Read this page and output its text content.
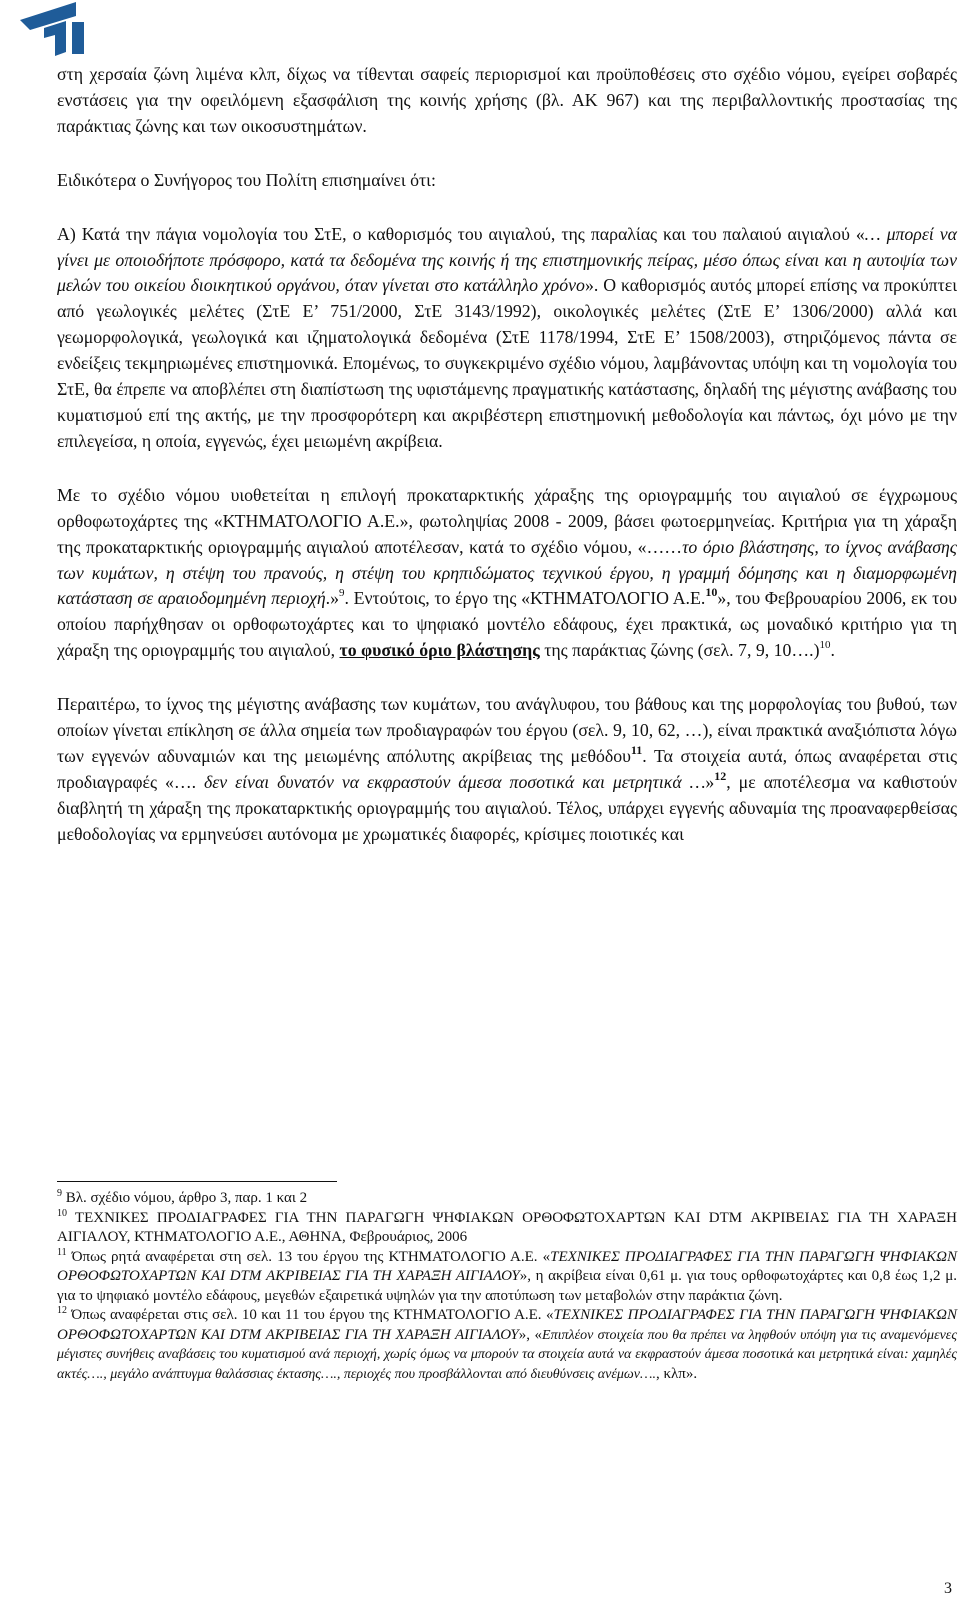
στη χερσαία ζώνη λιμένα κλπ, δίχως να τίθενται σαφείς περιορισμοί και προϋποθέσεις στο σχέδιο νόμου, εγείρει σοβαρές ενστάσεις για την οφειλόμενη εξασφάλιση της κοινής χρήσης (βλ. ΑΚ 967) και της περιβαλλοντικής προστασίας της παράκτιας ζώνης και των οικοσυστημάτων.

Ειδικότερα ο Συνήγορος του Πολίτη επισημαίνει ότι:

Α) Κατά την πάγια νομολογία του ΣτΕ, ο καθορισμός του αιγιαλού, της παραλίας και του παλαιού αιγιαλού «… μπορεί να γίνει με οποιοδήποτε πρόσφορο, κατά τα δεδομένα της κοινής ή της επιστημονικής πείρας, μέσο όπως είναι και η αυτοψία των μελών του οικείου διοικητικού οργάνου, όταν γίνεται στο κατάλληλο χρόνο». Ο καθορισμός αυτός μπορεί επίσης να προκύπτει από γεωλογικές μελέτες (ΣτΕ Ε’ 751/2000, ΣτΕ 3143/1992), οικολογικές μελέτες (ΣτΕ Ε’ 1306/2000) αλλά και γεωμορφολογικά, γεωλογικά και ιζηματολογικά δεδομένα (ΣτΕ 1178/1994, ΣτΕ Ε’ 1508/2003), στηριζόμενος πάντα σε ενδείξεις τεκμηριωμένες επιστημονικά. Επομένως, το συγκεκριμένο σχέδιο νόμου, λαμβάνοντας υπόψη και τη νομολογία του ΣτΕ, θα έπρεπε να αποβλέπει στη διαπίστωση της υφιστάμενης πραγματικής κατάστασης, δηλαδή της μέγιστης ανάβασης του κυματισμού επί της ακτής, με την προσφορότερη και ακριβέστερη επιστημονική μεθοδολογία και πάντως, όχι μόνο με την επιλεγείσα, η οποία, εγγενώς, έχει μειωμένη ακρίβεια.

Με το σχέδιο νόμου υιοθετείται η επιλογή προκαταρκτικής χάραξης της οριογραμμής του αιγιαλού σε έγχρωμους ορθοφωτοχάρτες της «ΚΤΗΜΑΤΟΛΟΓΙΟ Α.Ε.», φωτοληψίας 2008 - 2009, βάσει φωτοερμηνείας. Κριτήρια για τη χάραξη της προκαταρκτικής οριογραμμής αιγιαλού αποτέλεσαν, κατά το σχέδιο νόμου, «……το όριο βλάστησης, το ίχνος ανάβασης των κυμάτων, η στέψη του πρανούς, η στέψη του κρηπιδώματος τεχνικού έργου, η γραμμή δόμησης και η διαμορφωμένη κατάσταση σε αραιοδομημένη περιοχή.»$^9$. Εντούτοις, το έργο της «ΚΤΗΜΑΤΟΛΟΓΙΟ Α.Ε.$^{10}$», του Φεβρουαρίου 2006, εκ του οποίου παρήχθησαν οι ορθοφωτοχάρτες και το ψηφιακό μοντέλο εδάφους, έχει πρακτικά, ως μοναδικό κριτήριο για τη χάραξη της οριογραμμής του αιγιαλού, το φυσικό όριο βλάστησης της παράκτιας ζώνης (σελ. 7, 9, 10….)$^{10}$.

Περαιτέρω, το ίχνος της μέγιστης ανάβασης των κυμάτων, του ανάγλυφου, του βάθους και της μορφολογίας του βυθού, των οποίων γίνεται επίκληση σε άλλα σημεία των προδιαγραφών του έργου (σελ. 9, 10, 62, …), είναι πρακτικά αναξιόπιστα λόγω των εγγενών αδυναμιών και της μειωμένης απόλυτης ακρίβειας της μεθόδου$^{11}$. Τα στοιχεία αυτά, όπως αναφέρεται στις προδιαγραφές «…. δεν είναι δυνατόν να εκφραστούν άμεσα ποσοτικά και μετρητικά …»$^{12}$, με αποτέλεσμα να καθιστούν διαβλητή τη χάραξη της προκαταρκτικής οριογραμμής του αιγιαλού. Τέλος, υπάρχει εγγενής αδυναμία της προαναφερθείσας μεθοδολογίας να ερμηνεύσει αυτόνομα με χρωματικές διαφορές, κρίσιμες ποιοτικές και

$^9$ Βλ. σχέδιο νόμου, άρθρο 3, παρ. 1 και 2

$^{10}$ ΤΕΧΝΙΚΕΣ ΠΡΟΔΙΑΓΡΑΦΕΣ ΓΙΑ ΤΗΝ ΠΑΡΑΓΩΓΗ ΨΗΦΙΑΚΩΝ ΟΡΘΟΦΩΤΟΧΑΡΤΩΝ ΚΑΙ DTM ΑΚΡΙΒΕΙΑΣ ΓΙΑ ΤΗ ΧΑΡΑΞΗ ΑΙΓΙΑΛΟΥ, ΚΤΗΜΑΤΟΛΟΓΙΟ Α.Ε., ΑΘΗΝΑ, Φεβρουάριος, 2006

$^{11}$ Όπως ρητά αναφέρεται στη σελ. 13 του έργου της ΚΤΗΜΑΤΟΛΟΓΙΟ Α.Ε. «ΤΕΧΝΙΚΕΣ ΠΡΟΔΙΑΓΡΑΦΕΣ ΓΙΑ ΤΗΝ ΠΑΡΑΓΩΓΗ ΨΗΦΙΑΚΩΝ ΟΡΘΟΦΩΤΟΧΑΡΤΩΝ ΚΑΙ DTM ΑΚΡΙΒΕΙΑΣ ΓΙΑ ΤΗ ΧΑΡΑΞΗ ΑΙΓΙΑΛΟΥ», η ακρίβεια είναι 0,61 μ. για τους ορθοφωτοχάρτες και 0,8 έως 1,2 μ. για το ψηφιακό μοντέλο εδάφους, μεγεθών εξαιρετικά υψηλών για την αποτύπωση των μεταβολών στην παράκτια ζώνη.

$^{12}$ Όπως αναφέρεται στις σελ. 10 και 11 του έργου της ΚΤΗΜΑΤΟΛΟΓΙΟ Α.Ε. «ΤΕΧΝΙΚΕΣ ΠΡΟΔΙΑΓΡΑΦΕΣ ΓΙΑ ΤΗΝ ΠΑΡΑΓΩΓΗ ΨΗΦΙΑΚΩΝ ΟΡΘΟΦΩΤΟΧΑΡΤΩΝ ΚΑΙ DTM ΑΚΡΙΒΕΙΑΣ ΓΙΑ ΤΗ ΧΑΡΑΞΗ ΑΙΓΙΑΛΟΥ», «Επιπλέον στοιχεία που θα πρέπει να ληφθούν υπόψη για τις αναμενόμενες μέγιστες συνήθεις αναβάσεις του κυματισμού ανά περιοχή, χωρίς όμως να μπορούν τα στοιχεία αυτά να εκφραστούν άμεσα ποσοτικά και μετρητικά είναι: χαμηλές ακτές…., μεγάλο ανάπτυγμα θαλάσσιας έκτασης…., περιοχές που προσβάλλονται από διευθύνσεις ανέμων…., κλπ».

3
